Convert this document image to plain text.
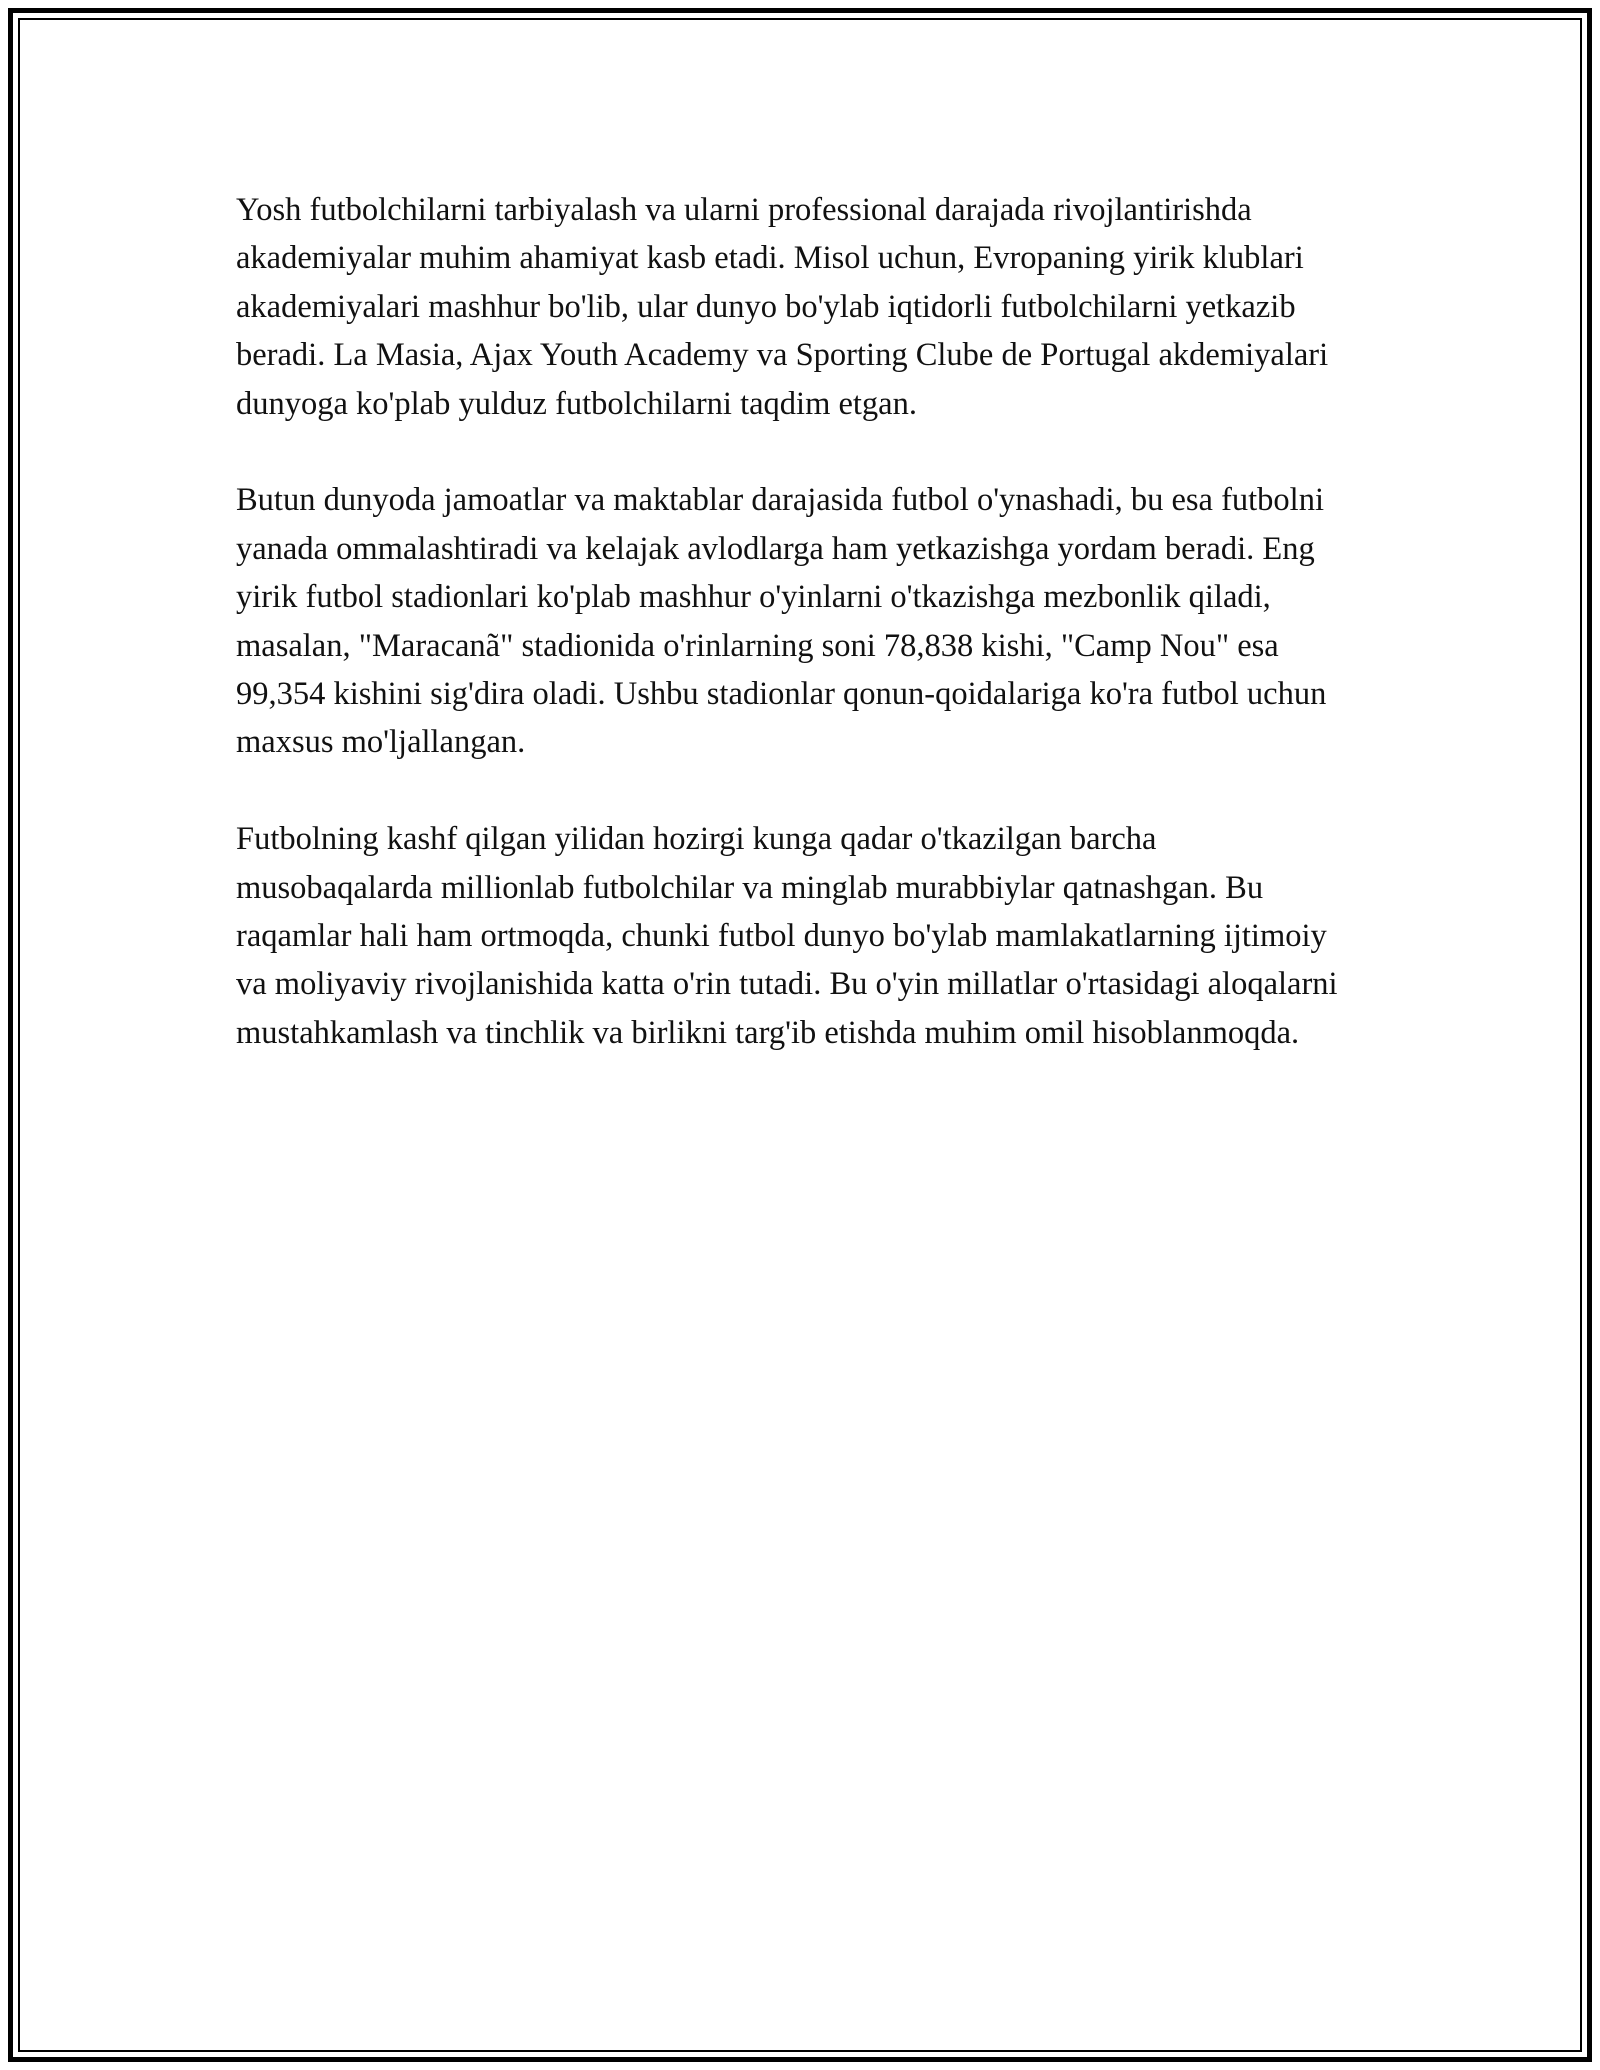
Yosh futbolchilarni tarbiyalash va ularni professional darajada rivojlantirishda akademiyalar muhim ahamiyat kasb etadi. Misol uchun, Evropaning yirik klublari akademiyalari mashhur bo'lib, ular dunyo bo'ylab iqtidorli futbolchilarni yetkazib beradi. La Masia, Ajax Youth Academy va Sporting Clube de Portugal akdemiyalari dunyoga ko'plab yulduz futbolchilarni taqdim etgan.

Butun dunyoda jamoatlar va maktablar darajasida futbol o'ynashadi, bu esa futbolni yanada ommalashtiradi va kelajak avlodlarga ham yetkazishga yordam beradi. Eng yirik futbol stadionlari ko'plab mashhur o'yinlarni o'tkazishga mezbonlik qiladi, masalan, "Maracanã" stadionida o'rinlarning soni 78,838 kishi, "Camp Nou" esa 99,354 kishini sig'dira oladi. Ushbu stadionlar qonun-qoidalariga ko'ra futbol uchun maxsus mo'ljallangan.

Futbolning kashf qilgan yilidan hozirgi kunga qadar o'tkazilgan barcha musobaqalarda millionlab futbolchilar va minglab murabbiylar qatnashgan. Bu raqamlar hali ham ortmoqda, chunki futbol dunyo bo'ylab mamlakatlarning ijtimoiy va moliyaviy rivojlanishida katta o'rin tutadi. Bu o'yin millatlar o'rtasidagi aloqalarni mustahkamlash va tinchlik va birlikni targ'ib etishda muhim omil hisoblanmoqda.
